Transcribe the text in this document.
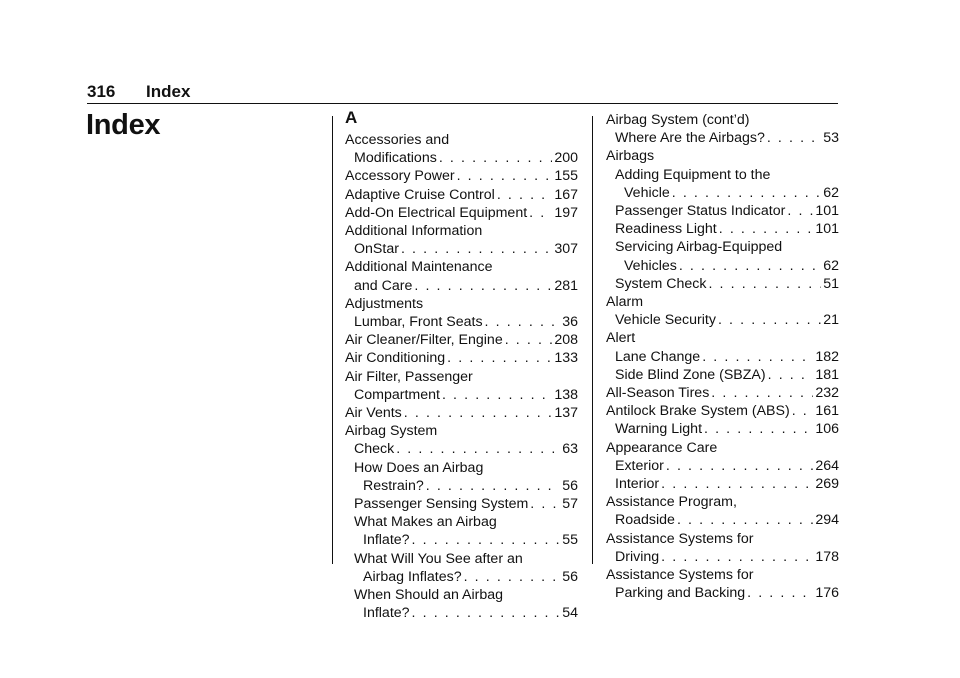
316 Index
Index	A
Accessories and
Modifications . . .	200
Accessory Power . . .	155
Adaptive Cruise Control . . .	167
Add-On Electrical Equipment . . . 197
Additional Information
OnStar . . .	307
Additional Maintenance
and Care . . .	281
Adjustments
Lumbar, Front Seats . . .	36
Air Cleaner/Filter, Engine . . .	208
Air Conditioning . . .	133
Air Filter, Passenger
Compartment . . .	138
Air Vents . . .	137
Airbag System
Check . . .	63
How Does an Airbag
Restrain? . . .	56
Passenger Sensing System . . . 57
What Makes an Airbag
Inflate? . . .	55
What Will You See after an
Airbag Inflates? . . .	56
When Should an Airbag
Inflate? . . .	54
Airbag System (cont’d)
Where Are the Airbags? . . .	53
Airbags
Adding Equipment to the
Vehicle . . .	62
Passenger Status Indicator . . . 101
Readiness Light . . .	101
Servicing Airbag-Equipped
Vehicles . . .	62
System Check . . .	51
Alarm
Vehicle Security . . .	21
Alert
Lane Change . . .	182
Side Blind Zone (SBZA) . . .	181
All-Season Tires . . .	232
Antilock Brake System (ABS) . . . 161
Warning Light . . .	106
Appearance Care
Exterior . . .	264
Interior . . .	269
Assistance Program,
Roadside . . .	294
Assistance Systems for
Driving . . .	178
Assistance Systems for
Parking and Backing . . .	176
